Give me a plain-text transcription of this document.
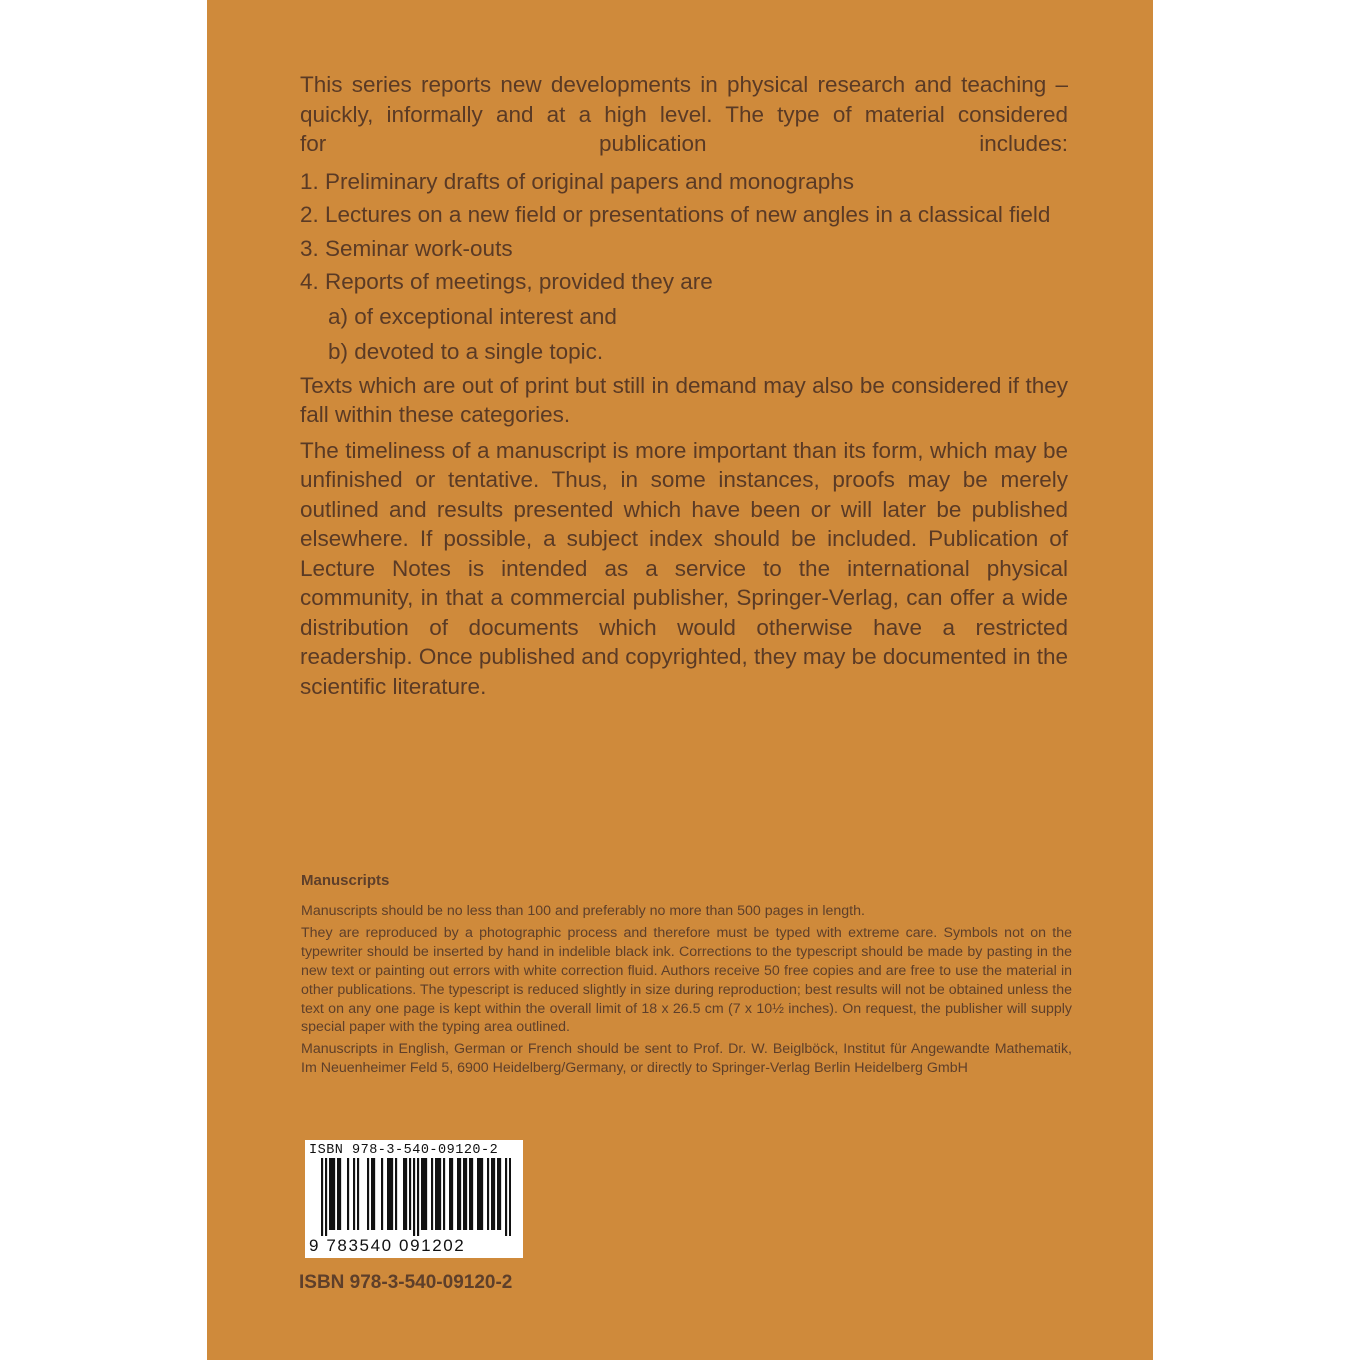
This series reports new developments in physical research and teaching –
quickly, informally and at a high level. The type of material considered
for publication includes:

1. Preliminary drafts of original papers and monographs
2. Lectures on a new field or presentations of new angles in a classical field
3. Seminar work-outs
4. Reports of meetings, provided they are
a) of exceptional interest and
b) devoted to a single topic.

Texts which are out of print but still in demand may also be considered if they fall within these categories.

The timeliness of a manuscript is more important than its form, which may be unfinished or tentative. Thus, in some instances, proofs may be merely outlined and results presented which have been or will later be published elsewhere. If possible, a subject index should be included. Publication of Lecture Notes is intended as a service to the international physical community, in that a commercial publisher, Springer-Verlag, can offer a wide distribution of documents which would otherwise have a restricted readership. Once published and copyrighted, they may be documented in the scientific literature.

Manuscripts

Manuscripts should be no less than 100 and preferably no more than 500 pages in length.

They are reproduced by a photographic process and therefore must be typed with extreme care. Symbols not on the typewriter should be inserted by hand in indelible black ink. Corrections to the typescript should be made by pasting in the new text or painting out errors with white correction fluid. Authors receive 50 free copies and are free to use the material in other publications. The typescript is reduced slightly in size during reproduction; best results will not be obtained unless the text on any one page is kept within the overall limit of 18 x 26.5 cm (7 x 10½ inches). On request, the publisher will supply special paper with the typing area outlined.

Manuscripts in English, German or French should be sent to Prof. Dr. W. Beiglböck, Institut für Angewandte Mathematik, Im Neuenheimer Feld 5, 6900 Heidelberg/Germany, or directly to Springer-Verlag Berlin Heidelberg GmbH

ISBN 978-3-540-09120-2
9 783540 091202
ISBN 978-3-540-09120-2
